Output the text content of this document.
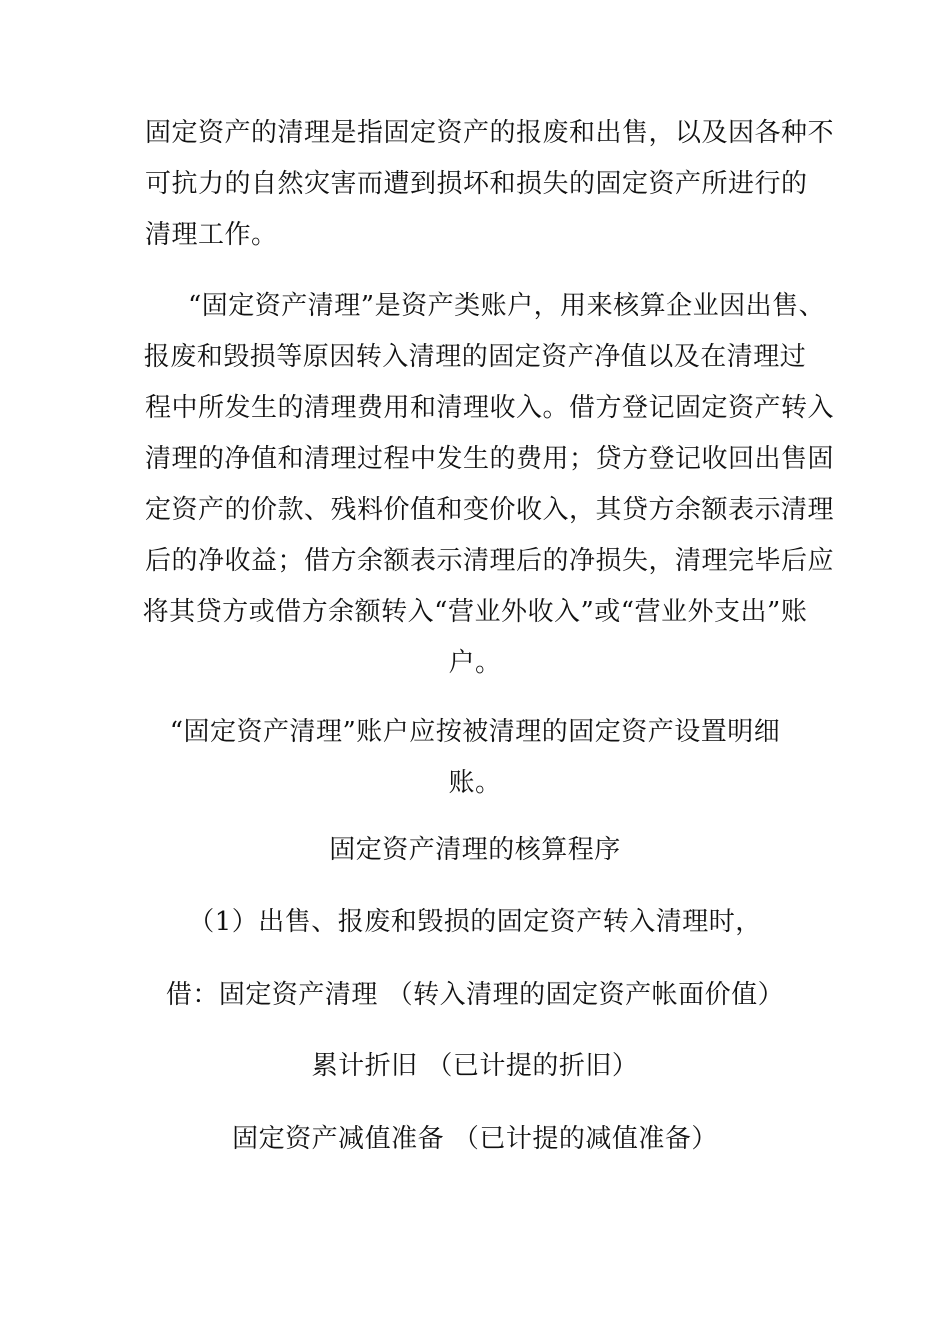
固定资产的清理是指固定资产的报废和出售，以及因各种不
可抗力的自然灾害而遭到损坏和损失的固定资产所进行的
清理工作。
“固定资产清理”是资产类账户，用来核算企业因出售、
报废和毁损等原因转入清理的固定资产净值以及在清理过
程中所发生的清理费用和清理收入。借方登记固定资产转入
清理的净值和清理过程中发生的费用；贷方登记收回出售固
定资产的价款、残料价值和变价收入，其贷方余额表示清理
后的净收益；借方余额表示清理后的净损失，清理完毕后应
将其贷方或借方余额转入“营业外收入”或“营业外支出”账
户。
“固定资产清理”账户应按被清理的固定资产设置明细
账。
固定资产清理的核算程序
（1）出售、报废和毁损的固定资产转入清理时，
借：固定资产清理 （转入清理的固定资产帐面价值）
累计折旧 （已计提的折旧）
固定资产减值准备 （已计提的减值准备）
